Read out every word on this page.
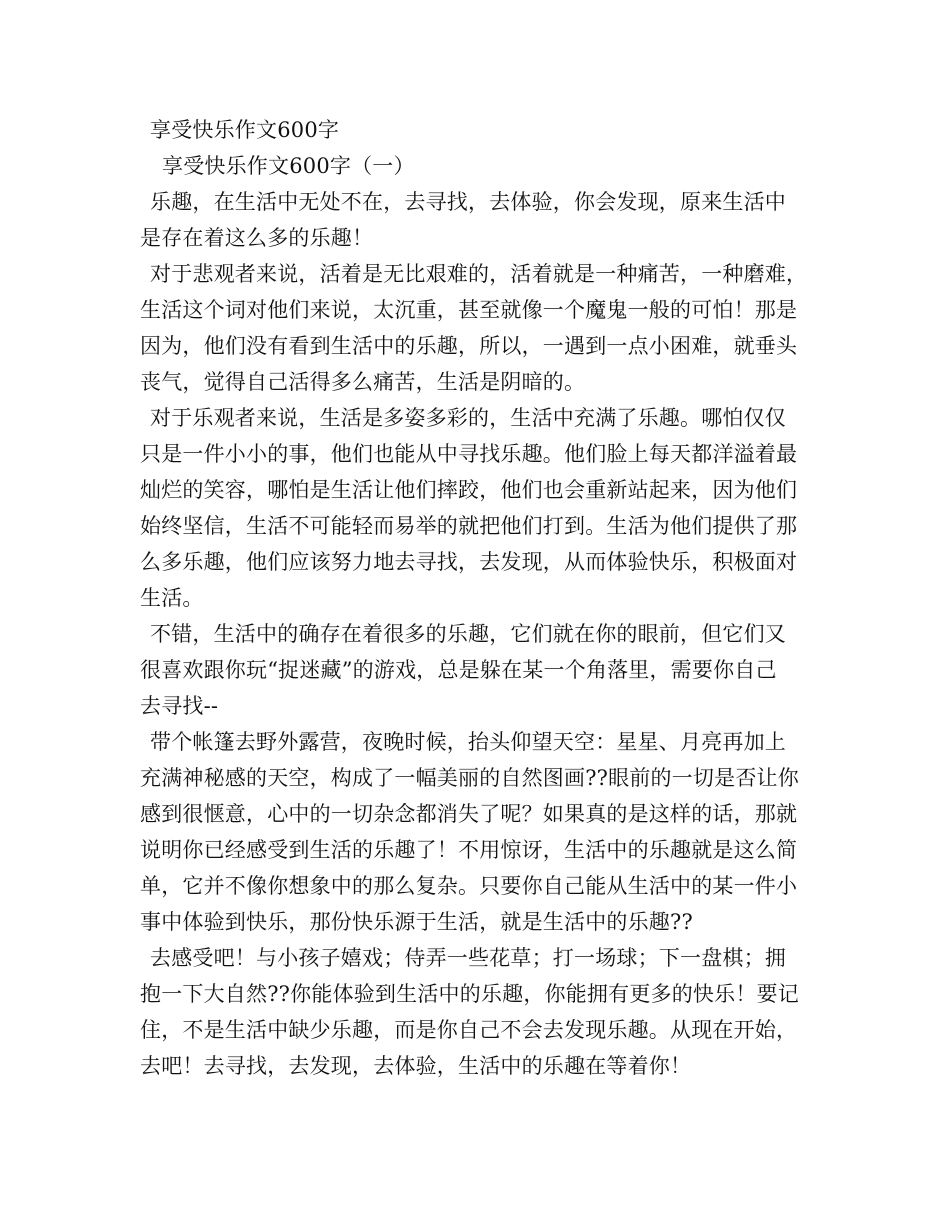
享受快乐作文600字
享受快乐作文600字（一）
乐趣，在生活中无处不在，去寻找，去体验，你会发现，原来生活中
是存在着这么多的乐趣！
对于悲观者来说，活着是无比艰难的，活着就是一种痛苦，一种磨难，
生活这个词对他们来说，太沉重，甚至就像一个魔鬼一般的可怕！那是
因为，他们没有看到生活中的乐趣，所以，一遇到一点小困难，就垂头
丧气，觉得自己活得多么痛苦，生活是阴暗的。
对于乐观者来说，生活是多姿多彩的，生活中充满了乐趣。哪怕仅仅
只是一件小小的事，他们也能从中寻找乐趣。他们脸上每天都洋溢着最
灿烂的笑容，哪怕是生活让他们摔跤，他们也会重新站起来，因为他们
始终坚信，生活不可能轻而易举的就把他们打到。生活为他们提供了那
么多乐趣，他们应该努力地去寻找，去发现，从而体验快乐，积极面对
生活。
不错，生活中的确存在着很多的乐趣，它们就在你的眼前，但它们又
很喜欢跟你玩“捉迷藏”的游戏，总是躲在某一个角落里，需要你自己
去寻找--
带个帐篷去野外露营，夜晚时候，抬头仰望天空：星星、月亮再加上
充满神秘感的天空，构成了一幅美丽的自然图画??眼前的一切是否让你
感到很惬意，心中的一切杂念都消失了呢？如果真的是这样的话，那就
说明你已经感受到生活的乐趣了！不用惊讶，生活中的乐趣就是这么简
单，它并不像你想象中的那么复杂。只要你自己能从生活中的某一件小
事中体验到快乐，那份快乐源于生活，就是生活中的乐趣??
去感受吧！与小孩子嬉戏；侍弄一些花草；打一场球；下一盘棋；拥
抱一下大自然??你能体验到生活中的乐趣，你能拥有更多的快乐！要记
住，不是生活中缺少乐趣，而是你自己不会去发现乐趣。从现在开始，
去吧！去寻找，去发现，去体验，生活中的乐趣在等着你！
